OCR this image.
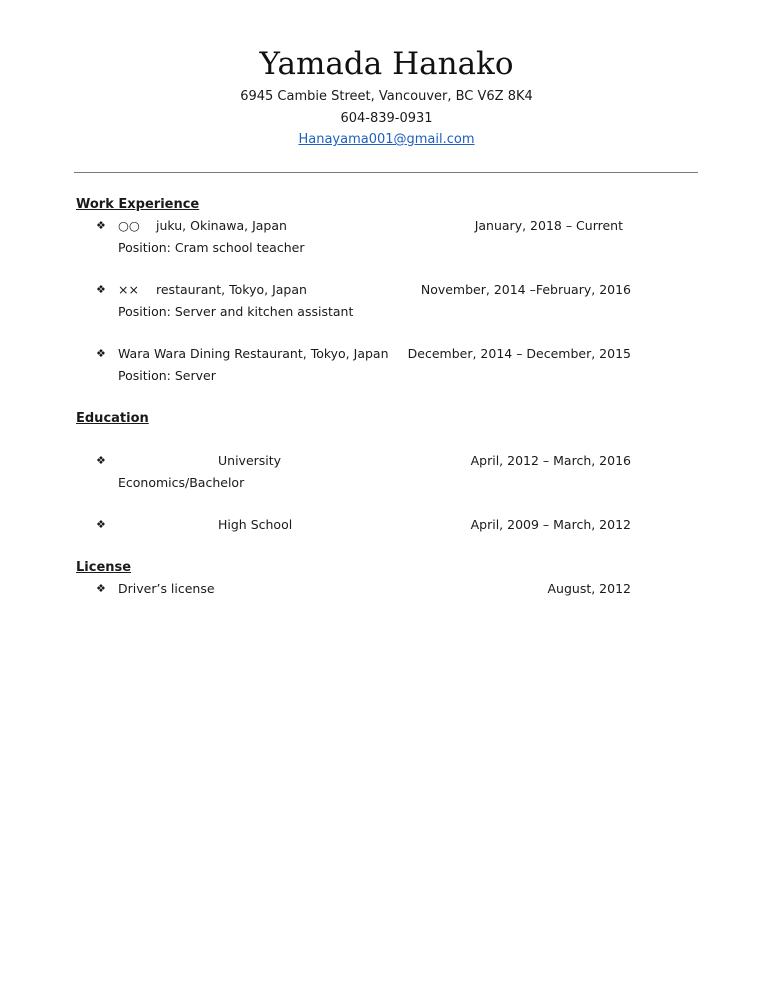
Yamada Hanako
6945 Cambie Street, Vancouver, BC V6Z 8K4
604-839-0931
Hanayama001@gmail.com
Work Experience
❖ ○○ juku, Okinawa, Japan	January, 2018 – Current
Position: Cram school teacher
❖ ×× restaurant, Tokyo, Japan	November, 2014 –February, 2016
Position: Server and kitchen assistant
❖ Wara Wara Dining Restaurant, Tokyo, Japan December, 2014 – December, 2015
Position: Server
Education
❖	University	April, 2012 – March, 2016
Economics/Bachelor
❖	High School	April, 2009 – March, 2012
License
❖ Driver’s license	August, 2012
